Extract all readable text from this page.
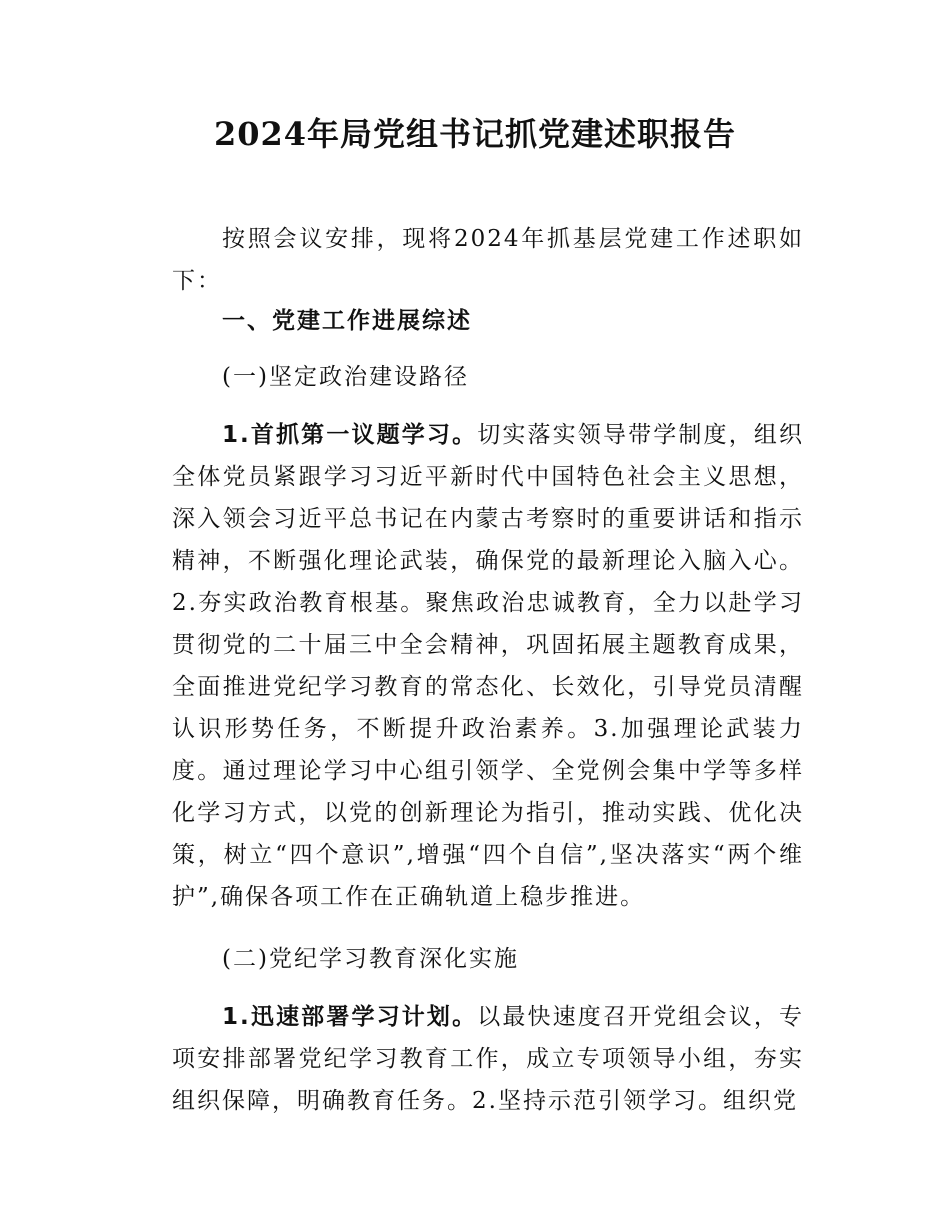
2024年局党组书记抓党建述职报告

按照会议安排，现将2024年抓基层党建工作述职如下：

一、党建工作进展综述

(一)坚定政治建设路径

1.首抓第一议题学习。切实落实领导带学制度，组织全体党员紧跟学习习近平新时代中国特色社会主义思想，深入领会习近平总书记在内蒙古考察时的重要讲话和指示精神，不断强化理论武装，确保党的最新理论入脑入心。2.夯实政治教育根基。聚焦政治忠诚教育，全力以赴学习贯彻党的二十届三中全会精神，巩固拓展主题教育成果，全面推进党纪学习教育的常态化、长效化，引导党员清醒认识形势任务，不断提升政治素养。3.加强理论武装力度。通过理论学习中心组引领学、全党例会集中学等多样化学习方式，以党的创新理论为指引，推动实践、优化决策，树立“四个意识”,增强“四个自信”,坚决落实“两个维护”,确保各项工作在正确轨道上稳步推进。

(二)党纪学习教育深化实施

1.迅速部署学习计划。以最快速度召开党组会议，专项安排部署党纪学习教育工作，成立专项领导小组，夯实组织保障，明确教育任务。2.坚持示范引领学习。组织党
